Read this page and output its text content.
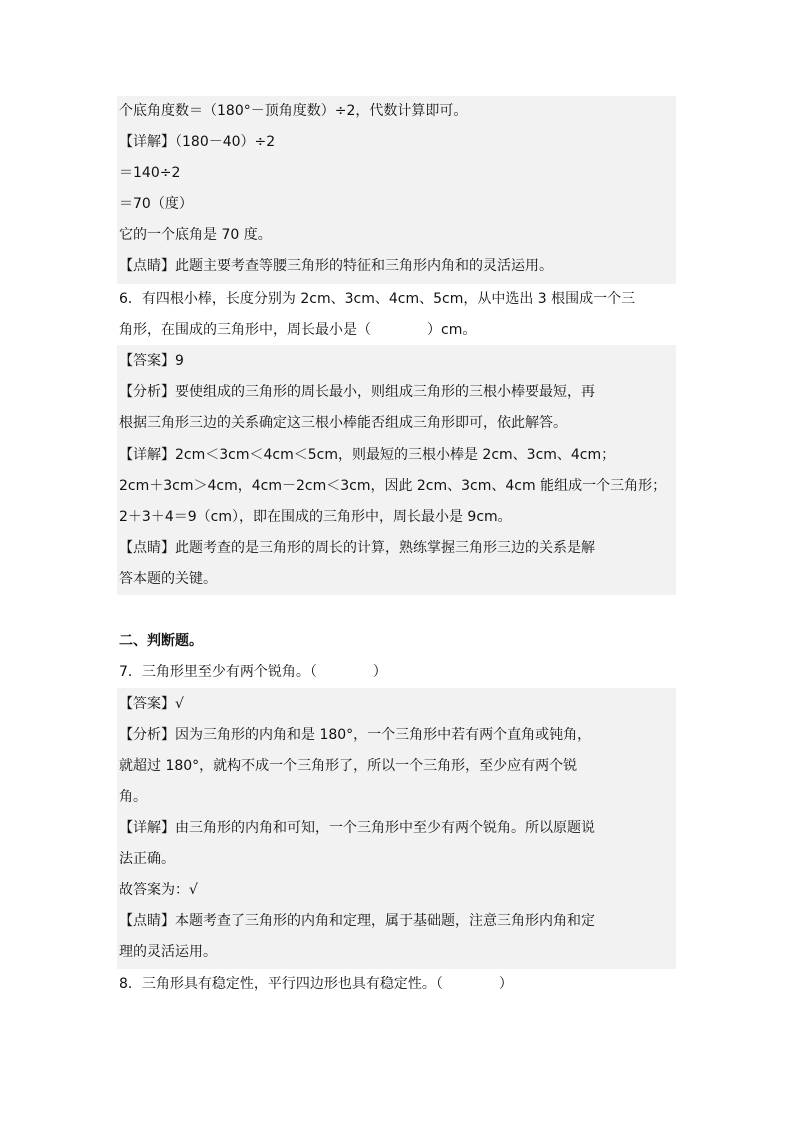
个底角度数＝（180°－顶角度数）÷2，代数计算即可。
【详解】（180－40）÷2
＝140÷2
＝70（度）
它的一个底角是 70 度。
【点睛】此题主要考查等腰三角形的特征和三角形内角和的灵活运用。
6．有四根小棒，长度分别为 2cm、3cm、4cm、5cm，从中选出 3 根围成一个三
角形，在围成的三角形中，周长最小是（　　　　）cm。
【答案】9
【分析】要使组成的三角形的周长最小，则组成三角形的三根小棒要最短，再
根据三角形三边的关系确定这三根小棒能否组成三角形即可，依此解答。
【详解】2cm＜3cm＜4cm＜5cm，则最短的三根小棒是 2cm、3cm、4cm；
2cm＋3cm＞4cm，4cm－2cm＜3cm，因此 2cm、3cm、4cm 能组成一个三角形；
2＋3＋4＝9（cm），即在围成的三角形中，周长最小是 9cm。
【点睛】此题考查的是三角形的周长的计算，熟练掌握三角形三边的关系是解
答本题的关键。
二、判断题。
7．三角形里至少有两个锐角。（　　　　）
【答案】√
【分析】因为三角形的内角和是 180°，一个三角形中若有两个直角或钝角，
就超过 180°，就构不成一个三角形了，所以一个三角形，至少应有两个锐
角。
【详解】由三角形的内角和可知，一个三角形中至少有两个锐角。所以原题说
法正确。
故答案为：√
【点睛】本题考查了三角形的内角和定理，属于基础题，注意三角形内角和定
理的灵活运用。
8．三角形具有稳定性，平行四边形也具有稳定性。（　　　　）
